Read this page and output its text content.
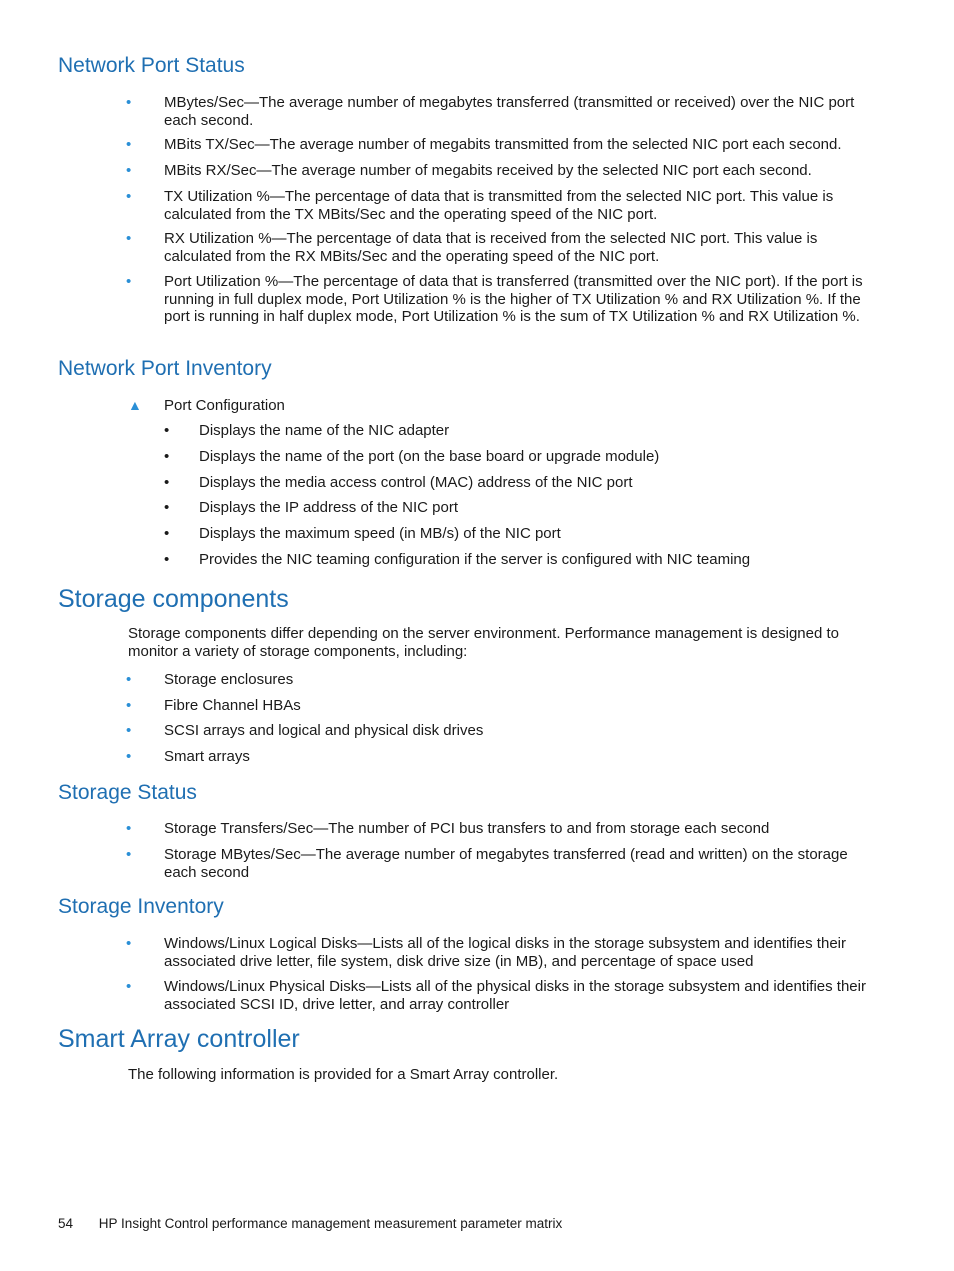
Network Port Status
• MBytes/Sec—The average number of megabytes transferred (transmitted or received) over the NIC port each second.
• MBits TX/Sec—The average number of megabits transmitted from the selected NIC port each second.
• MBits RX/Sec—The average number of megabits received by the selected NIC port each second.
• TX Utilization %—The percentage of data that is transmitted from the selected NIC port. This value is calculated from the TX MBits/Sec and the operating speed of the NIC port.
• RX Utilization %—The percentage of data that is received from the selected NIC port. This value is calculated from the RX MBits/Sec and the operating speed of the NIC port.
• Port Utilization %—The percentage of data that is transferred (transmitted over the NIC port). If the port is running in full duplex mode, Port Utilization % is the higher of TX Utilization % and RX Utilization %. If the port is running in half duplex mode, Port Utilization % is the sum of TX Utilization % and RX Utilization %.
Network Port Inventory
▲ Port Configuration
• Displays the name of the NIC adapter
• Displays the name of the port (on the base board or upgrade module)
• Displays the media access control (MAC) address of the NIC port
• Displays the IP address of the NIC port
• Displays the maximum speed (in MB/s) of the NIC port
• Provides the NIC teaming configuration if the server is configured with NIC teaming
Storage components

Storage components differ depending on the server environment. Performance management is designed to monitor a variety of storage components, including:

• Storage enclosures
• Fibre Channel HBAs
• SCSI arrays and logical and physical disk drives
• Smart arrays
Storage Status
• Storage Transfers/Sec—The number of PCI bus transfers to and from storage each second
• Storage MBytes/Sec—The average number of megabytes transferred (read and written) on the storage each second
Storage Inventory
• Windows/Linux Logical Disks—Lists all of the logical disks in the storage subsystem and identifies their associated drive letter, file system, disk drive size (in MB), and percentage of space used
• Windows/Linux Physical Disks—Lists all of the physical disks in the storage subsystem and identifies their associated SCSI ID, drive letter, and array controller
Smart Array controller

The following information is provided for a Smart Array controller.

54 HP Insight Control performance management measurement parameter matrix
